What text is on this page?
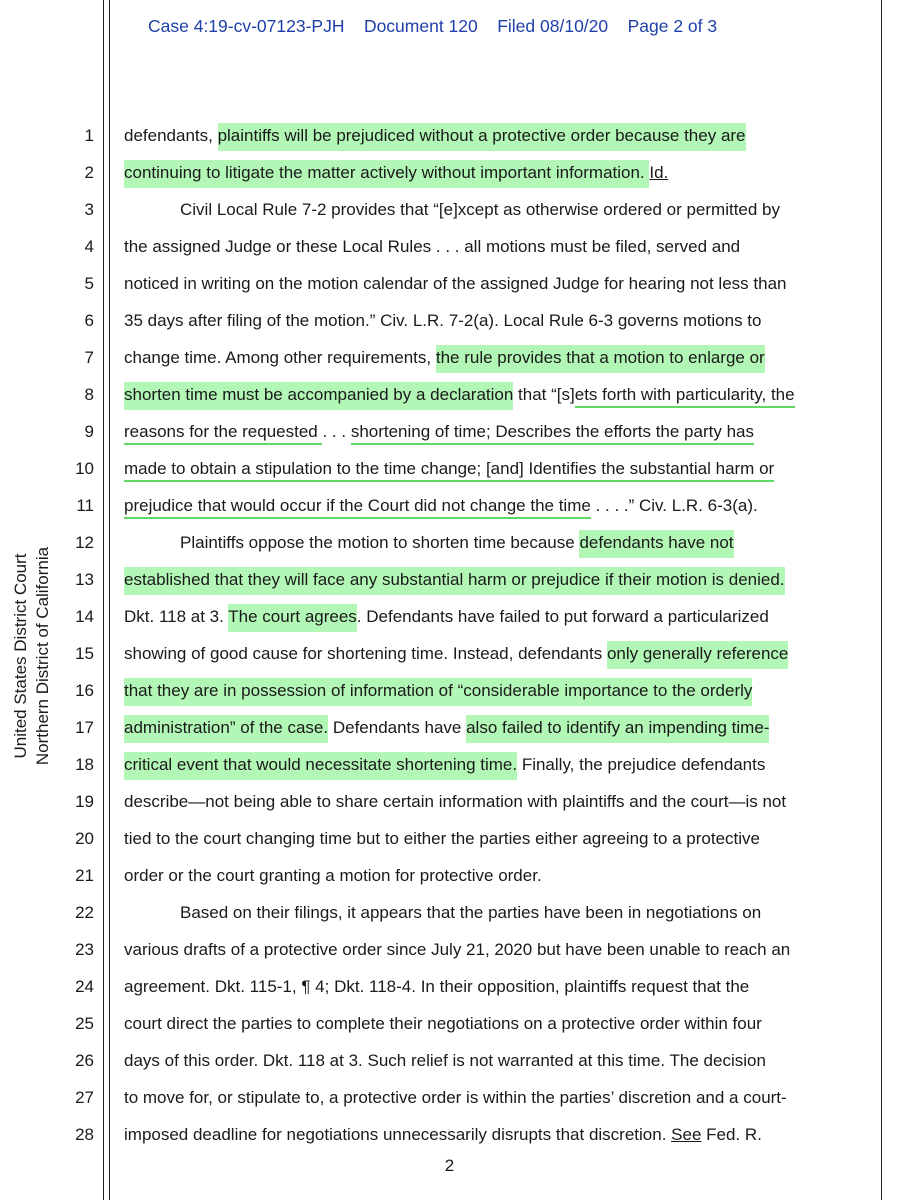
Case 4:19-cv-07123-PJH Document 120 Filed 08/10/20 Page 2 of 3
United States District Court Northern District of California
1
2
3
4
5
6
7
8
9
10
11
12
13
14
15
16
17
18
19
20
21
22
23
24
25
26
27
28
defendants, plaintiffs will be prejudiced without a protective order because they are
continuing to litigate the matter actively without important information. Id.
Civil Local Rule 7-2 provides that “[e]xcept as otherwise ordered or permitted by
the assigned Judge or these Local Rules . . . all motions must be filed, served and
noticed in writing on the motion calendar of the assigned Judge for hearing not less than
35 days after filing of the motion.” Civ. L.R. 7-2(a). Local Rule 6-3 governs motions to
change time. Among other requirements, the rule provides that a motion to enlarge or
shorten time must be accompanied by a declaration that “[s]ets forth with particularity, the
reasons for the requested . . . shortening of time; Describes the efforts the party has
made to obtain a stipulation to the time change; [and] Identifies the substantial harm or
prejudice that would occur if the Court did not change the time . . . .” Civ. L.R. 6-3(a).
Plaintiffs oppose the motion to shorten time because defendants have not
established that they will face any substantial harm or prejudice if their motion is denied.
Dkt. 118 at 3. The court agrees. Defendants have failed to put forward a particularized
showing of good cause for shortening time. Instead, defendants only generally reference
that they are in possession of information of “considerable importance to the orderly
administration” of the case. Defendants have also failed to identify an impending time-
critical event that would necessitate shortening time. Finally, the prejudice defendants
describe—not being able to share certain information with plaintiffs and the court—is not
tied to the court changing time but to either the parties either agreeing to a protective
order or the court granting a motion for protective order.
Based on their filings, it appears that the parties have been in negotiations on
various drafts of a protective order since July 21, 2020 but have been unable to reach an
agreement. Dkt. 115-1, ¶ 4; Dkt. 118-4. In their opposition, plaintiffs request that the
court direct the parties to complete their negotiations on a protective order within four
days of this order. Dkt. 118 at 3. Such relief is not warranted at this time. The decision
to move for, or stipulate to, a protective order is within the parties’ discretion and a court-
imposed deadline for negotiations unnecessarily disrupts that discretion. See Fed. R.
2
